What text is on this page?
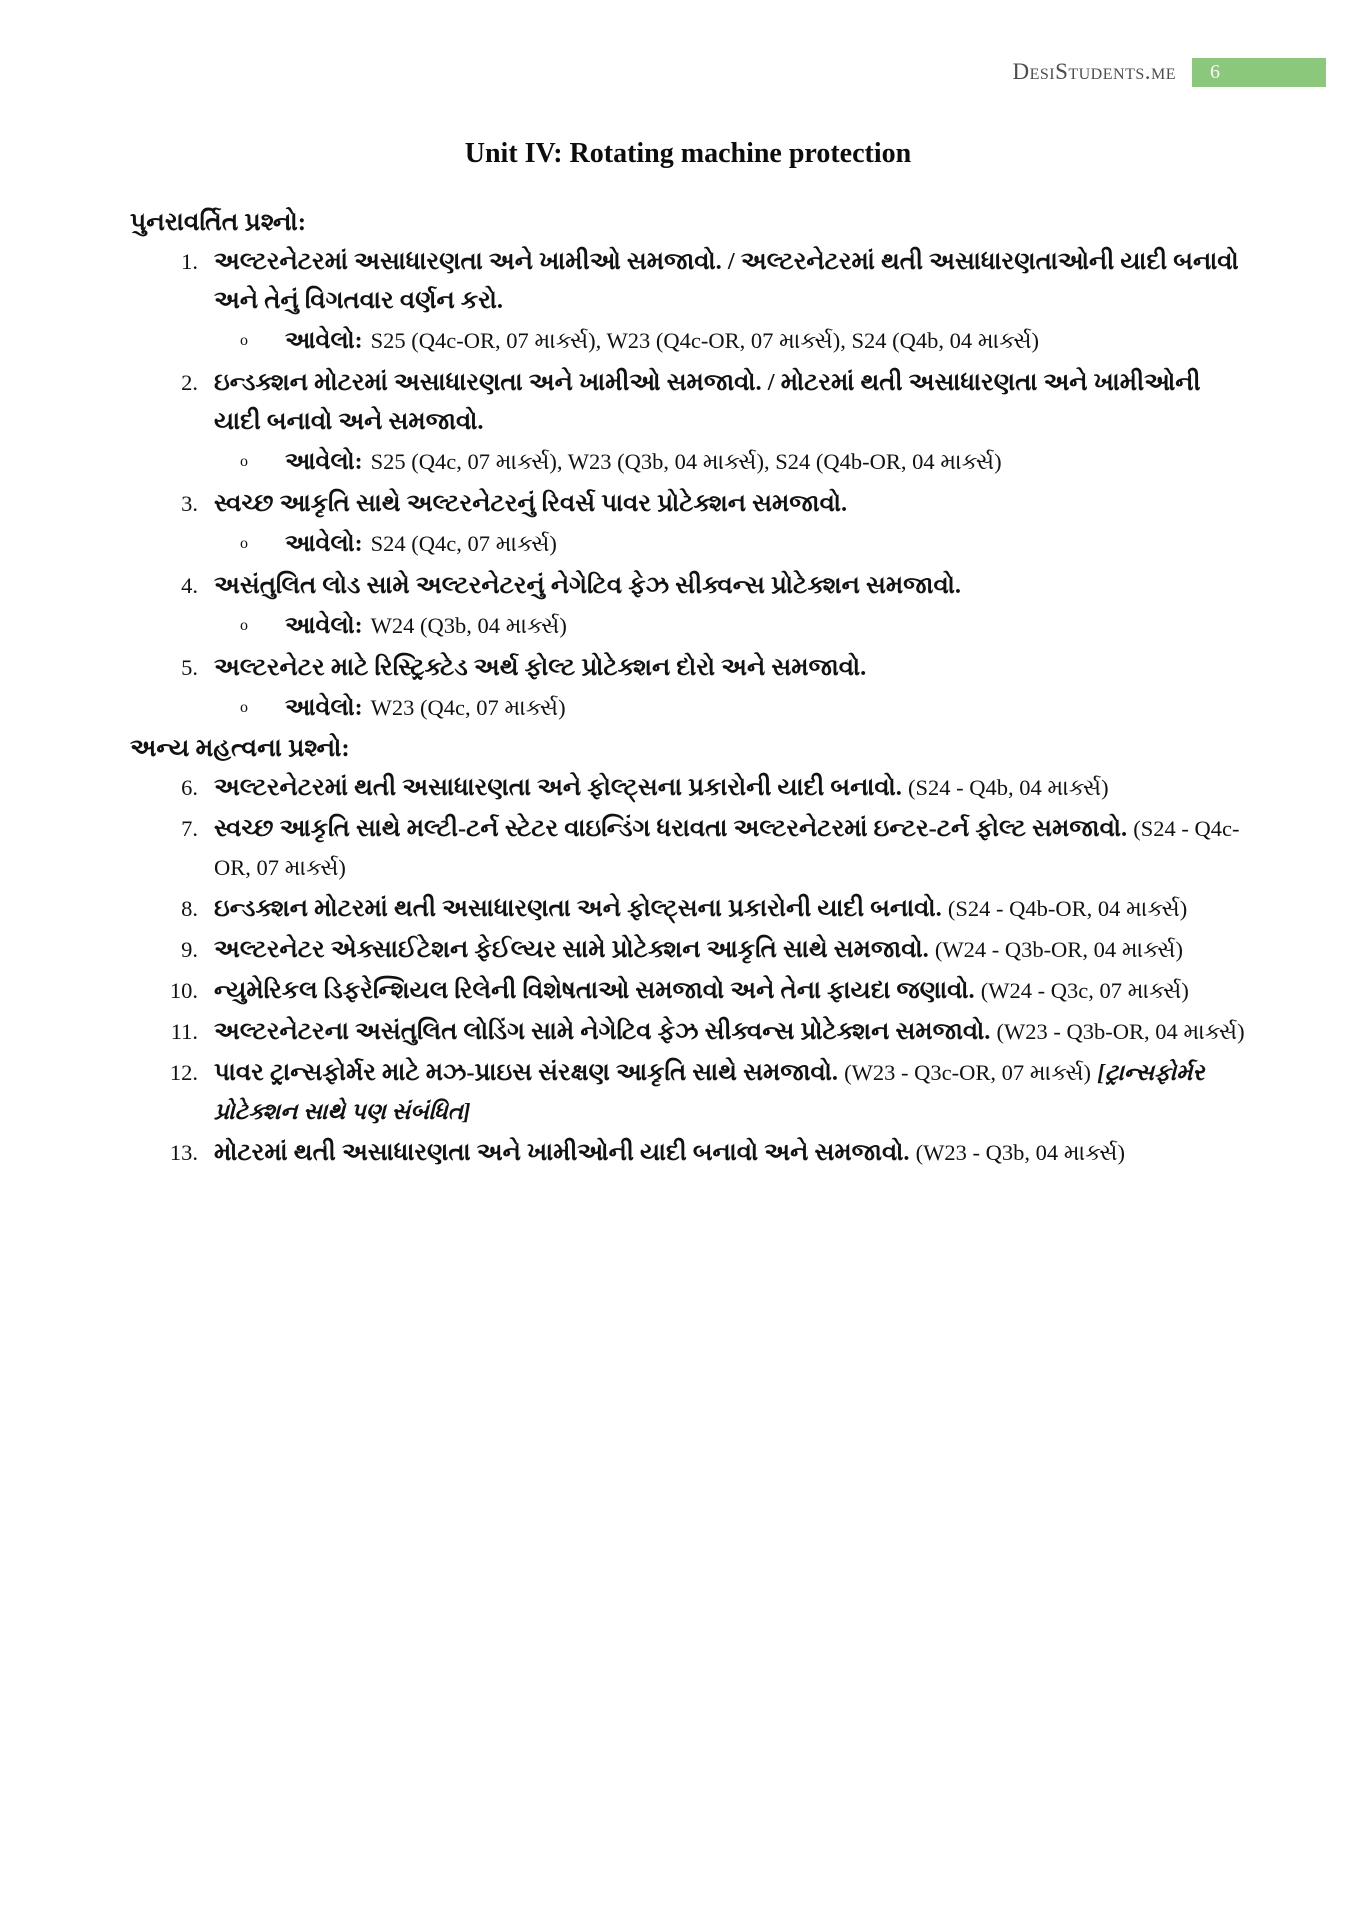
DesiStudents.me 6
Unit IV: Rotating machine protection
પુનરાવર્તિત પ્રશ્નો:
1. અલ્ટરનેટરમાં અસાધારણતા અને ખામીઓ સમજાવો. / અલ્ટરનેટરમાં થતી અસાધારણતાઓની યાદી બનાવો અને તેનું વિગતવાર વર્ણન કરો.
o	આવેલો: S25 (Q4c-OR, 07 માર્ક્સ), W23 (Q4c-OR, 07 માર્ક્સ), S24 (Q4b, 04 માર્ક્સ)
2. ઇન્ડક્શન મોટરમાં અસાધારણતા અને ખામીઓ સમજાવો. / મોટરમાં થતી અસાધારણતા અને ખામીઓની યાદી બનાવો અને સમજાવો.
o	આવેલો: S25 (Q4c, 07 માર્ક્સ), W23 (Q3b, 04 માર્ક્સ), S24 (Q4b-OR, 04 માર્ક્સ)
3. સ્વચ્છ આકૃતિ સાથે અલ્ટરનેટરનું રિવર્સ પાવર પ્રોટેક્શન સમજાવો.
o	આવેલો: S24 (Q4c, 07 માર્ક્સ)
4. અસંતુલિત લોડ સામે અલ્ટરનેટરનું નેગેટિવ ફેઝ સીક્વન્સ પ્રોટેક્શન સમજાવો.
o	આવેલો: W24 (Q3b, 04 માર્ક્સ)
5. અલ્ટરનેટર માટે રિસ્ટ્રિક્ટેડ અર્થ ફોલ્ટ પ્રોટેક્શન દોરો અને સમજાવો.
o	આવેલો: W23 (Q4c, 07 માર્ક્સ)
અન્ય મહત્વના પ્રશ્નો:
6. અલ્ટરનેટરમાં થતી અસાધારણતા અને ફોલ્ટ્સના પ્રકારોની યાદી બનાવો. (S24 - Q4b, 04 માર્ક્સ)
7. સ્વચ્છ આકૃતિ સાથે મલ્ટી-ટર્ન સ્ટેટર વાઇન્ડિંગ ધરાવતા અલ્ટરનેટરમાં ઇન્ટર-ટર્ન ફોલ્ટ સમજાવો. (S24 - Q4c-OR, 07 માર્ક્સ)
8. ઇન્ડક્શન મોટરમાં થતી અસાધારણતા અને ફોલ્ટ્સના પ્રકારોની યાદી બનાવો. (S24 - Q4b-OR, 04 માર્ક્સ)
9. અલ્ટરનેટર એક્સાઈટેશન ફેઈલ્યર સામે પ્રોટેક્શન આકૃતિ સાથે સમજાવો. (W24 - Q3b-OR, 04 માર્ક્સ)
10. ન્યુમેરિકલ ડિફરેન્શિયલ રિલેની વિશેષતાઓ સમજાવો અને તેના ફાયદા જણાવો. (W24 - Q3c, 07 માર્ક્સ)
11. અલ્ટરનેટરના અસંતુલિત લોડિંગ સામે નેગેટિવ ફેઝ સીક્વન્સ પ્રોટેક્શન સમજાવો. (W23 - Q3b-OR, 04 માર્ક્સ)
12. પાવર ટ્રાન્સફોર્મર માટે મઝ-પ્રાઇસ સંરક્ષણ આકૃતિ સાથે સમજાવો. (W23 - Q3c-OR, 07 માર્ક્સ) [ટ્રાન્સફોર્મર પ્રોટેક્શન સાથે પણ સંબંધિત]
13. મોટરમાં થતી અસાધારણતા અને ખામીઓની યાદી બનાવો અને સમજાવો. (W23 - Q3b, 04 માર્ક્સ)
